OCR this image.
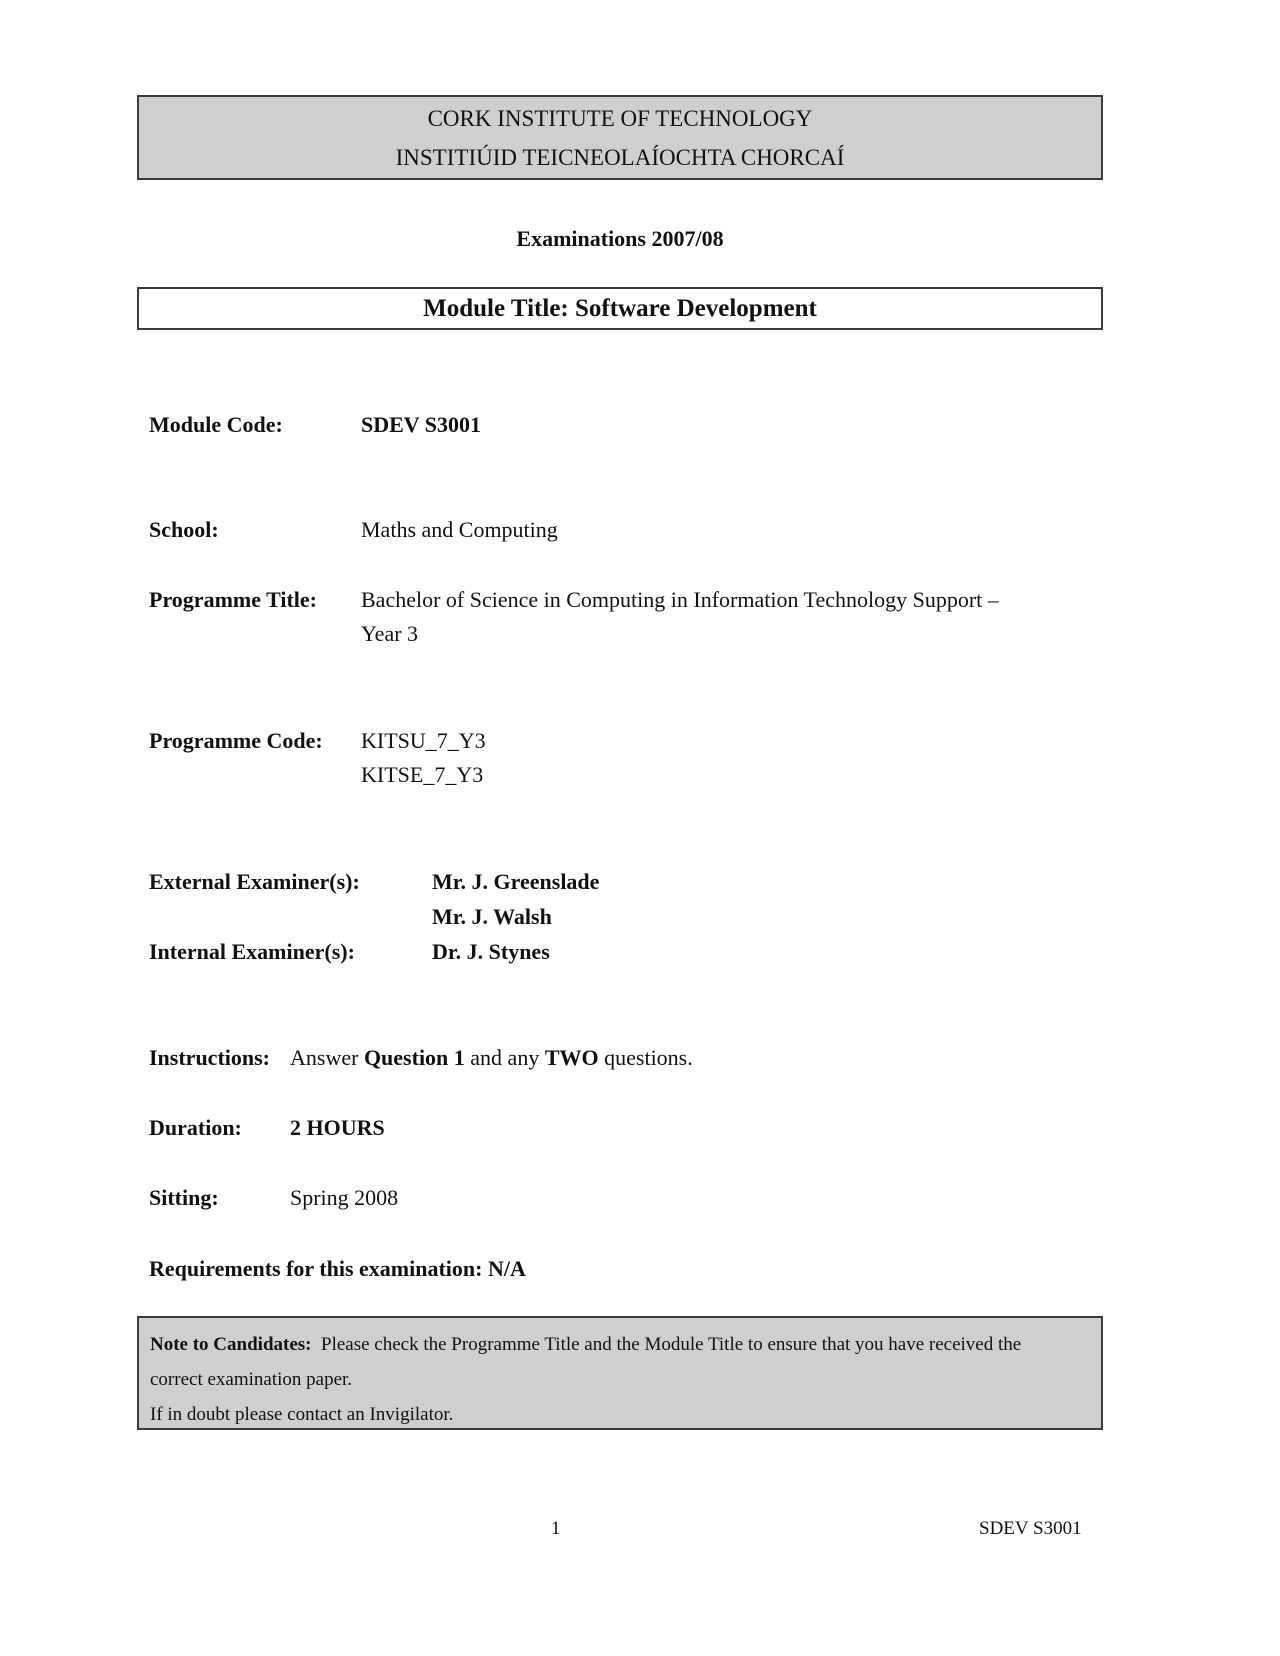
CORK INSTITUTE OF TECHNOLOGY
INSTITIÚID TEICNEOLAÍOCHTA CHORCAÍ
Examinations 2007/08
Module Title: Software Development
Module Code:	SDEV S3001
School:	Maths and Computing
Programme Title: Bachelor of Science in Computing in Information Technology Support –
Year 3
Programme Code: KITSU_7_Y3
KITSE_7_Y3
External Examiner(s):	Mr. J. Greenslade
Mr. J. Walsh
Internal Examiner(s):	Dr. J. Stynes
Instructions: Answer Question 1 and any TWO questions.
Duration: 2 HOURS
Sitting:	Spring 2008
Requirements for this examination: N/A
Note to Candidates: Please check the Programme Title and the Module Title to ensure that you have received the
correct examination paper.
If in doubt please contact an Invigilator.
1	SDEV S3001
